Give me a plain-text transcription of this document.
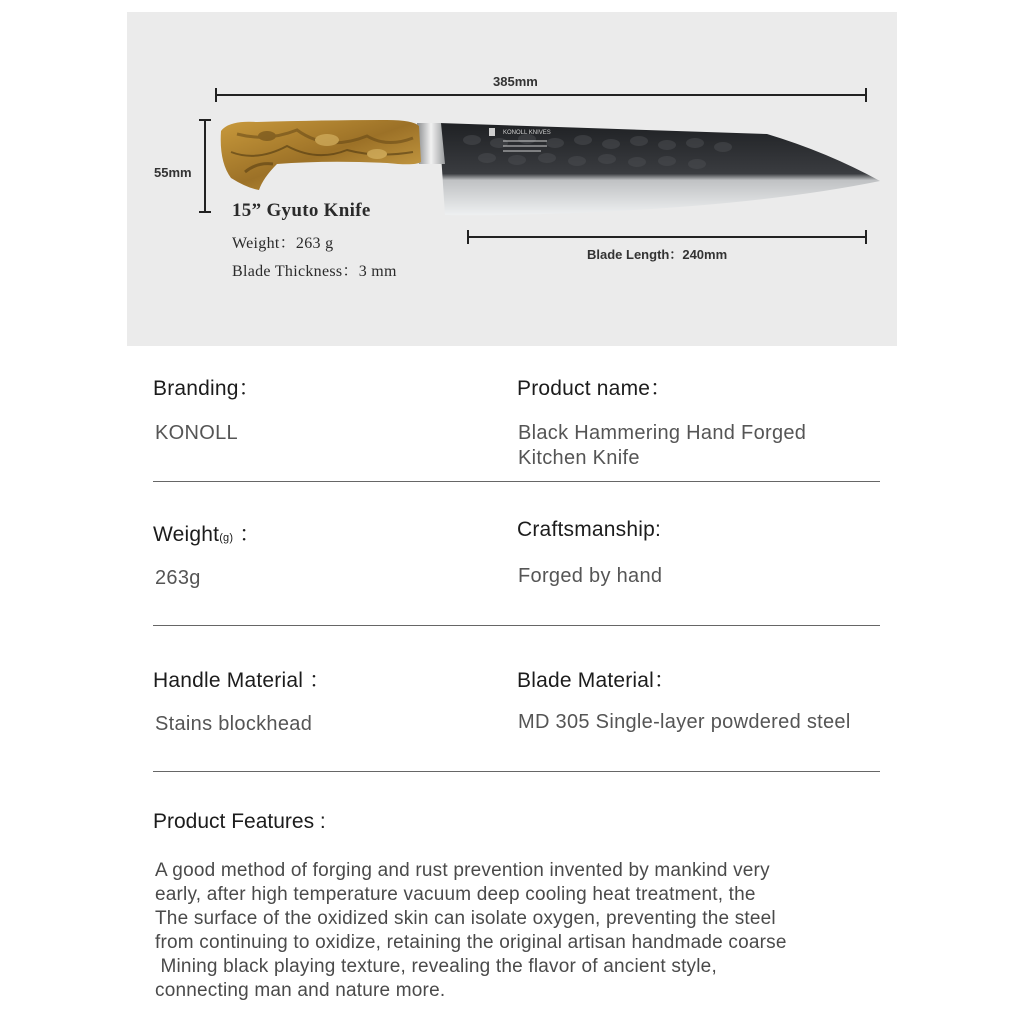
KONOLL KNIVES
385mm
55mm
Blade Length：240mm
15” Gyuto Knife
Weight：263 g
Blade Thickness：3 mm
Branding：
KONOLL
Product name：
Black Hammering Hand Forged
Kitchen Knife
Weight(g) ：
263g
Craftsmanship:
Forged by hand
Handle Material ：
Stains blockhead
Blade Material：
MD 305 Single-layer powdered steel
Product Features :
A good method of forging and rust prevention invented by mankind very
early, after high temperature vacuum deep cooling heat treatment, the
The surface of the oxidized skin can isolate oxygen, preventing the steel
from continuing to oxidize, retaining the original artisan handmade coarse
Mining black playing texture, revealing the flavor of ancient style,
connecting man and nature more.
